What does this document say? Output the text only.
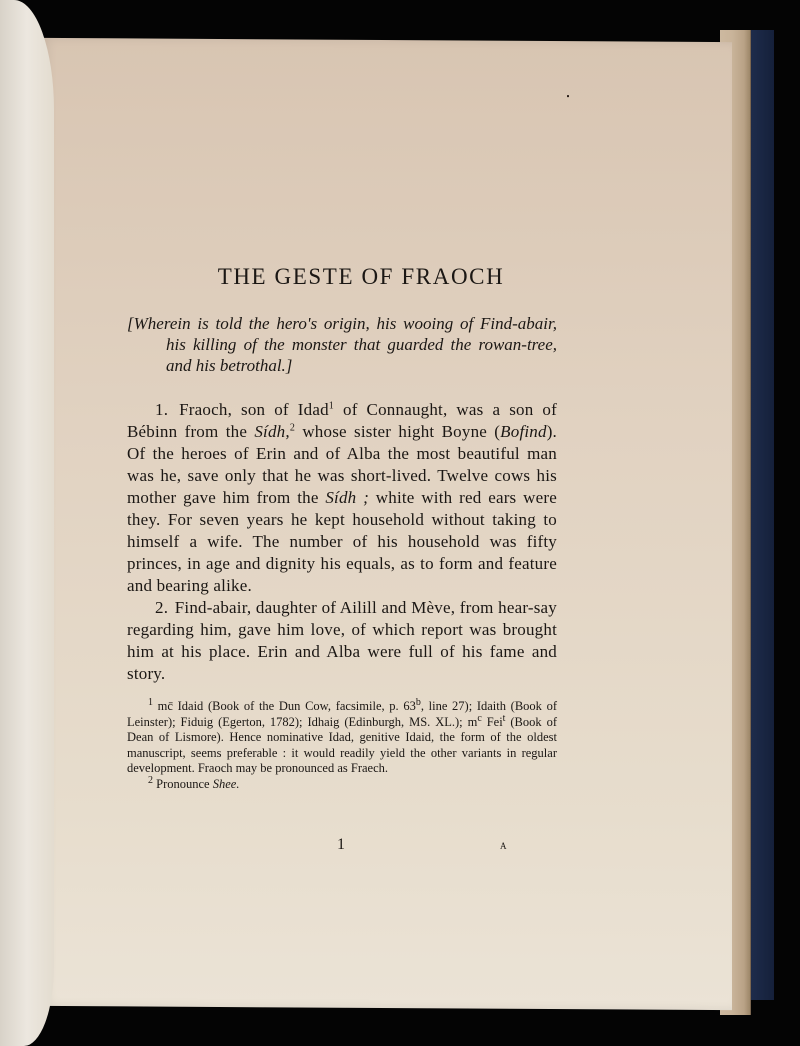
THE GESTE OF FRAOCH
[Wherein is told the hero's origin, his wooing of Find-abair, his killing of the monster that guarded the rowan-tree, and his betrothal.]

1. Fraoch, son of Idad$^1$ of Connaught, was a son of Bébinn from the Sídh,$^2$ whose sister hight Boyne (Bofind). Of the heroes of Erin and of Alba the most beautiful man was he, save only that he was short-lived. Twelve cows his mother gave him from the Sídh ; white with red ears were they. For seven years he kept household without taking to himself a wife. The number of his household was fifty princes, in age and dignity his equals, as to form and feature and bearing alike.

2. Find-abair, daughter of Ailill and Mève, from hear-say regarding him, gave him love, of which report was brought him at his place. Erin and Alba were full of his fame and story.

$^1$ mc̄ Idaid (Book of the Dun Cow, facsimile, p. 63$^b$, line 27); Idaith (Book of Leinster); Fiduig (Egerton, 1782); Idhaig (Edinburgh, MS. XL.); $m^c$ Fei$^t$ (Book of Dean of Lismore). Hence nominative Idad, genitive Idaid, the form of the oldest manuscript, seems preferable : it would readily yield the other variants in regular development. Fraoch may be pronounced as Fraech.

$^2$ Pronounce Shee.

1	A
